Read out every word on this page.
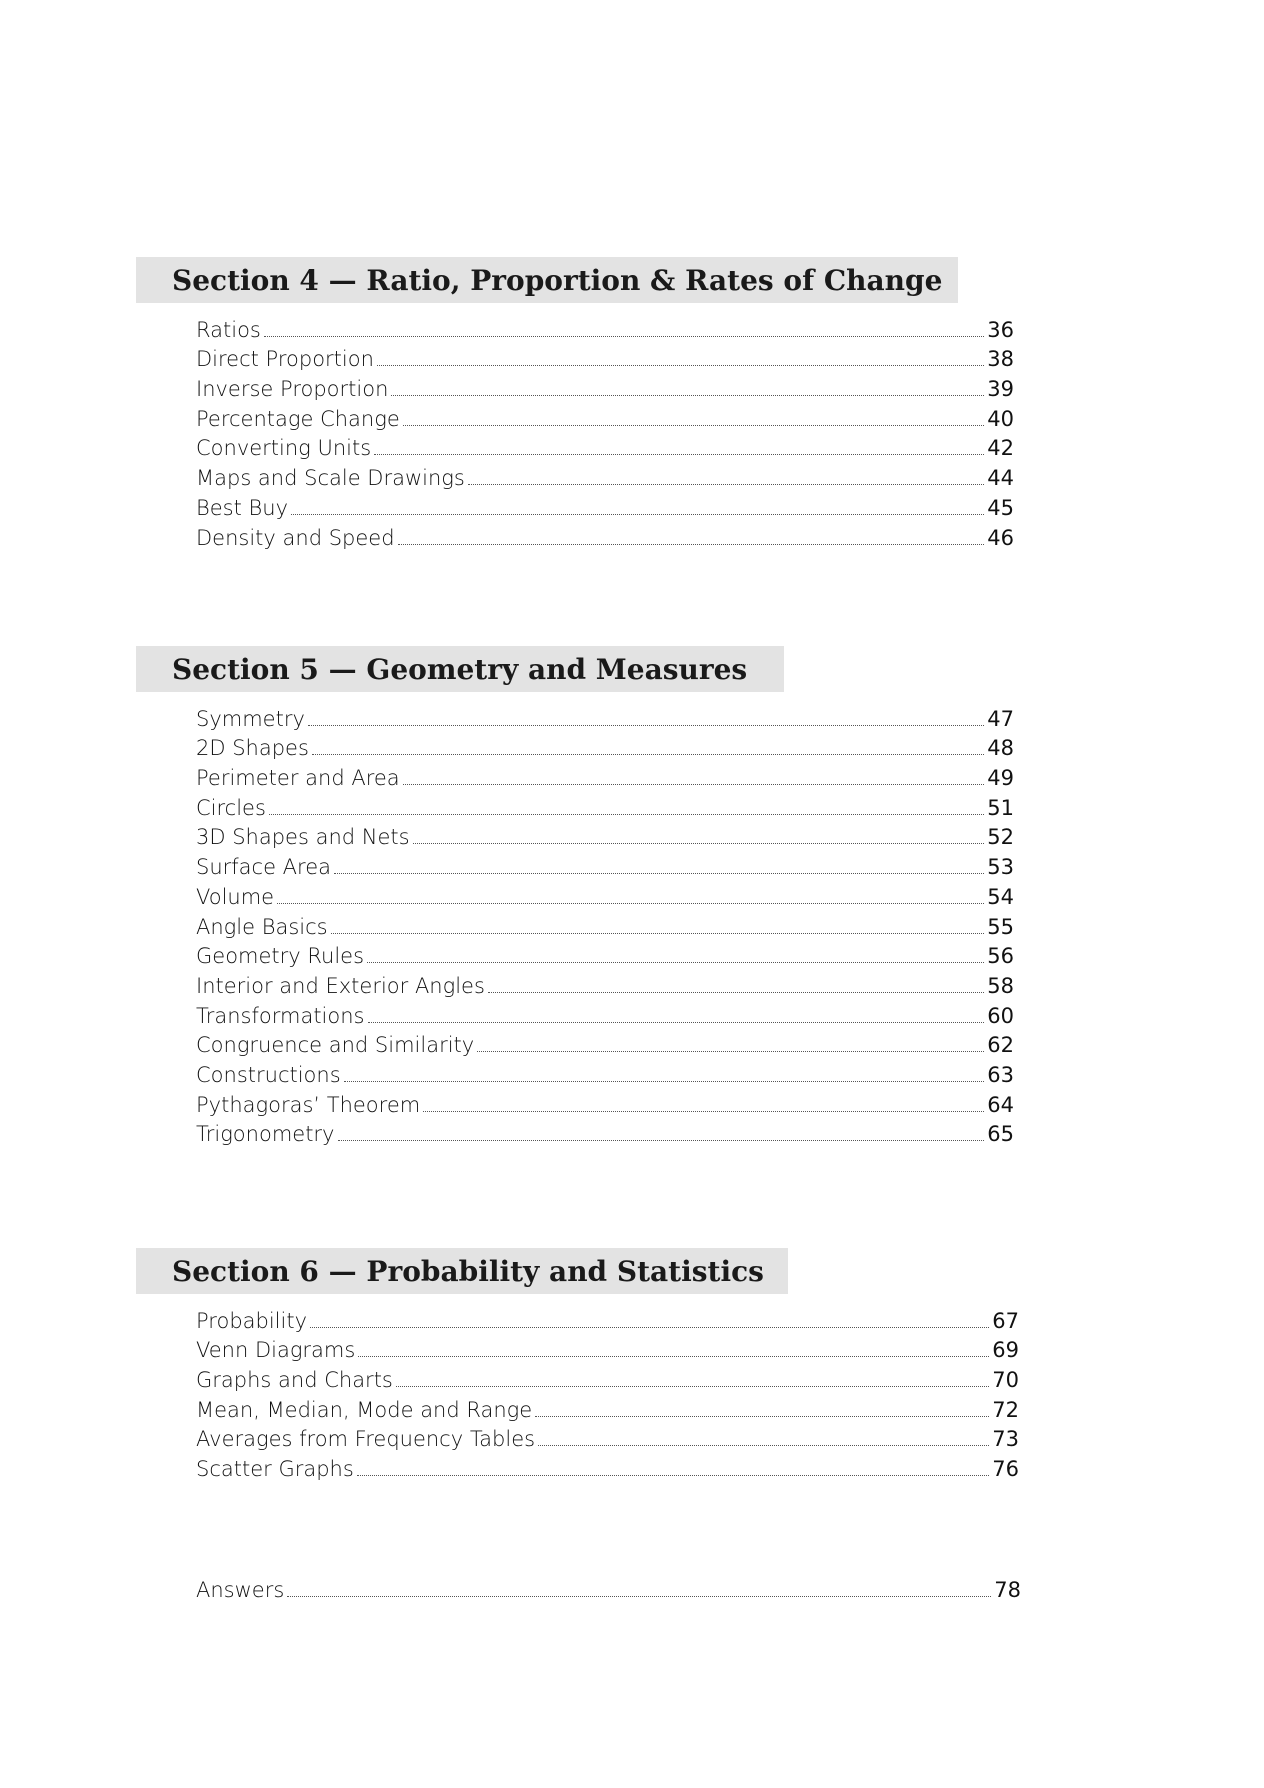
Section 4 — Ratio, Proportion & Rates of Change
Ratios	36
Direct Proportion	38
Inverse Proportion	39
Percentage Change	40
Converting Units	42
Maps and Scale Drawings	44
Best Buy	45
Density and Speed	46
Section 5 — Geometry and Measures
Symmetry	47
2D Shapes	48
Perimeter and Area	49
Circles	51
3D Shapes and Nets	52
Surface Area	53
Volume	54
Angle Basics	55
Geometry Rules	56
Interior and Exterior Angles	58
Transformations	60
Congruence and Similarity	62
Constructions	63
Pythagoras’ Theorem	64
Trigonometry	65
Section 6 — Probability and Statistics
Probability	67
Venn Diagrams	69
Graphs and Charts	70
Mean, Median, Mode and Range	72
Averages from Frequency Tables	73
Scatter Graphs	76
Answers	78
